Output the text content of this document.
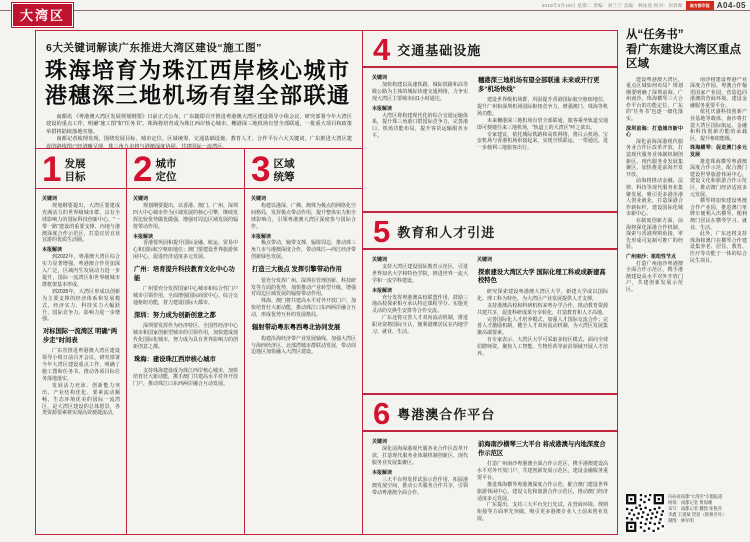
大湾区
2019年2月19日 星期二 责编：刘兰兰 美编：林泳希 校对：何春晖	南方都市报 A04-05
6大关键词解读广东推进大湾区建设“施工图”
珠海培育为珠江西岸核心城市
港穗深三地机场有望全部联通
南都讯 《粤港澳大湾区发展规划纲要》日前正式公布，广东随即召开推进粤港澳大湾区建设领导小组会议，研究部署今年大湾区建设的重点工作，明确“施工图”和“任务书”。珠海将培育成为珠江西岸核心城市，穗港深三地机场有望全部联通，一批重大项目和政策举措将陆续落地实施。
南都记者梳理发现，围绕发展目标、城市定位、区域统筹、交通基础设施、教育人才、合作平台六大关键词，广东推进大湾区建设的路线图已经清晰呈现，珠三角九市将与港澳深度协同、共建国际一流湾区。
1 发展
目标
关键词
规划纲要提出，大湾区要建成充满活力的世界级城市群、具有全球影响力的国际科技创新中心、“一带一路”建设的重要支撑、内地与港澳深度合作示范区，打造宜居宜业宜游的优质生活圈。
本报解读
到2022年，粤港澳大湾区综合实力显著增强，粤港澳合作更加深入广泛，区域内生发展动力进一步提升，国际一流湾区和世界级城市群框架基本形成。
到2035年，大湾区形成以创新为主要支撑的经济体系和发展模式，经济实力、科技实力大幅跃升，国际竞争力、影响力进一步增强。
对标国际一流湾区 明确“两步走”时间表
广东省推进粤港澳大湾区建设领导小组日前召开会议，研究部署今年大湾区建设重点工作，明确了施工图和任务书，推动各项目标任务落地落实。
发展活力充沛、创新能力突出、产业结构优化、要素流动顺畅、生态环境优美的国际一流湾区，是大湾区建设的总体愿景，各类资源要素将实现高效便捷流动。
2 城市
定位
关键词
规划纲要提出，以香港、澳门、广州、深圳四大中心城市作为区域发展的核心引擎，继续发挥比较优势做优做强，增强对周边区域发展的辐射带动作用。
本报解读
香港要巩固和提升国际金融、航运、贸易中心和国际航空枢纽地位；澳门要建设世界旅游休闲中心，促进经济适度多元发展。
广州：培育提升科技教育文化中心功能
广州要充分发挥国家中心城市和综合性门户城市引领作用，全面增强国际商贸中心、综合交通枢纽功能，着力建设国际大都市。
深圳：努力成为创新创意之都
深圳要发挥作为经济特区、全国性经济中心城市和国家创新型城市的引领作用，加快建成现代化国际化城市，努力成为具有世界影响力的创新创意之都。
珠海：建设珠江西岸核心城市
支持珠海建设成为珠江西岸核心城市，加快培育壮大新动能，携手澳门共建高水平对外开放门户，推动珠江口东西两岸融合互动发展。
3 区域
统筹
关键词
构建以港深、广佛、澳珠为极点的网络化空间格局，发挥极点带动作用，提升整体实力和全球影响力，引领粤港澳大湾区深度参与国际合作。
本报解读
极点带动，轴带支撑，辐射周边，推动珠三角九市与港澳深度合作，带动珠江—西江经济带创新绿色发展。
打造三大极点 发挥引擎带动作用
要充分发挥广州、深圳在管理创新、科技研发等方面的优势，加快推动产业转型升级，增强对周边区域发展的辐射带动作用。
珠海、澳门将共建高水平对外开放门户，加快培育壮大新动能，推动珠江口东西两岸融合互动，形成优势互补的发展格局。
辐射带动粤东粤西粤北协同发展
构建沿海经济带产业发展轴线，加强大湾区与海西经济区、北部湾城市群联动发展，带动周边地区加快融入大湾区建设。
4 交通基础设施
关键词
加快构建以高速铁路、城际铁路和高等级公路为主体的城际快速交通网络，力争实现大湾区主要城市间1小时通达。
本报解读
大湾区将构建现代化的综合交通运输体系，提升珠三角港口群国际竞争力，完善港口、机场功能布局，提升客货运输服务水平。
穗港深三地机场有望全部联通 未来或开行更多“机场快线”
建设世界级机场群，巩固提升香港国际航空枢纽地位，提升广州和深圳机场国际枢纽竞争力，增强澳门、珠海等机场功能。
未来穗港深三地机场有望全部联通，旅客乘坐轨道交通即可便捷往来三地机场，“轨道上的大湾区”呼之欲出。
专家建议，依托城际铁路和高铁网络，将白云机场、宝安机场与香港机场衔接起来，实现空铁联运、一票通达，进一步便利三地旅客出行。
5 教育和人才引进
关键词
支持大湾区建设国际教育示范区，引进世界知名大学和特色学院，推进世界一流大学和一流学科建设。
本报解读
充分发挥粤港澳高校联盟作用，鼓励三地高校探索相互承认特定课程学分、实施更灵活的交换生安排等合作交流。
广东还将完善人才双向流动机制，推进职业资格国际互认，便利港澳居民在内地学习、就业、生活。
关键词
探索建设大湾区大学 国际化理工科或成新建高校特色
研究探索建设粤港澳大湾区大学，新建大学或以国际化、理工科为特色，为大湾区产业发展提供人才支撑。
支持港澳高校和科研机构来粤办学合作，推动教育资源共建共享，促进科研成果分享转化，打造教育和人才高地。
完善国际化人才培养模式，加强人才国际交流合作；完善人才激励机制，健全人才双向流动机制，为大湾区发展集聚高端要素。
有专家表示，大湾区大学可采取多校区模式，面向全球招聘师资，聚焦人工智能、生物医药等前沿领域开展人才培养。
6 粤港澳合作平台
关键词
深化前海深港现代服务业合作区改革开放，打造现代服务业体制机制创新区、现代服务业发展集聚区。
本报解读
三大平台将发挥试验示范作用，拓展港澳发展空间，推动公共服务合作共享，引领带动粤港澳全面合作。
前海南沙横琴三大平台 将成港澳与内地深度合作示范区
打造广州南沙粤港澳全面合作示范区，携手港澳建设高水平对外开放门户，共建创新发展示范区，建设金融服务重要平台。
推进珠海横琴粤港澳深度合作示范，配合澳门建设世界旅游休闲中心，建设文化和旅游合作示范区，推动澳门经济适度多元发展。
广东提出，支持三大平台先行先试，在营商环境、规则衔接等方面率先突破，吸引更多港澳专业人士前来创业发展。
从“任务书”
看广东建设大湾区重点区域
建设粤港澳大湾区，重点区域如何布局？规划纲要明确了深圳前海、广州南沙、珠海横琴三大合作平台的功能定位，广东的“任务书”也逐一细化落实。
深圳前海：打造城市新中心
深化前海深港现代服务业合作区改革开放，打造现代服务业体制机制创新区、现代服务业发展集聚区，加快推进前海开发开放。
前海将推动金融、法律、科技等现代服务业集聚发展，吸引更多港企港人创业就业，打造深港合作新标杆，建设国际化城市新中心。
在制度创新方面，前海将深化深港合作机制，探索与香港规则衔接，率先形成可复制可推广的经验。
广州南沙：枢纽性节点
打造广州南沙粤港澳全面合作示范区，携手港澳建设高水平对外开放门户，共建创新发展示范区。
南沙将建设粤港产业深度合作园、粤澳合作葡语国家产业园，营造趋同港澳的营商环境，建设金融服务重要平台。
依托庆盛科技创新产业基地等载体，南沙将打造大湾区国际航运、金融和科技创新功能的承载区，提升枢纽能级。
珠海横琴：促进澳门多元发展
推进珠海横琴粤港澳深度合作示范，配合澳门建设世界旅游休闲中心，建设文化和旅游合作示范区，推动澳门经济适度多元发展。
横琴将加快建设粤澳合作产业园，推进澳门单牌车便利入出横琴，便利澳门居民在横琴学习、就业、生活。
此外，广东还将支持珠海和澳门在横琴合作建设集养老、居住、教育、医疗等功能于一体的综合民生项目。
扫码看南都“大湾区”专题报道
统筹：南都记者 黄海珊
采写：南都记者 魏凯 张艳芬
李鑫 王道斌 贺蓓（除署名外）
制图：林军明
